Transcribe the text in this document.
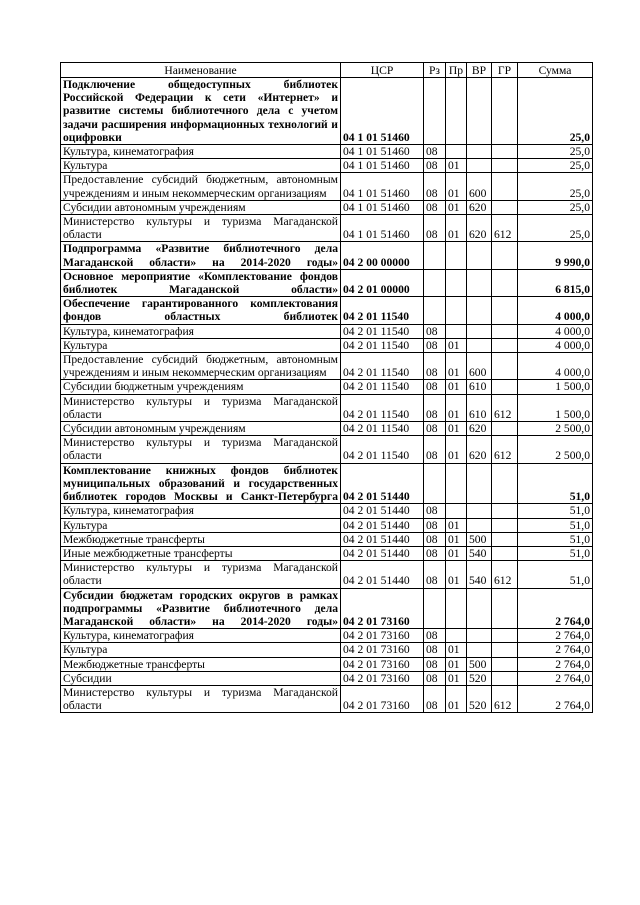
Наименование	ЦСР	Рз	Пр	ВР	ГР	Сумма
Подключение общедоступных библиотек Российской Федерации к сети «Интернет» и развитие системы библиотечного дела с учетом задачи расширения информационных технологий и оцифровки	04 1 01 51460					25,0
Культура, кинематография	04 1 01 51460	08				25,0
Культура	04 1 01 51460	08	01			25,0
Предоставление субсидий бюджетным, автономным учреждениям и иным некоммерческим организациям	04 1 01 51460	08	01	600		25,0
Субсидии автономным учреждениям	04 1 01 51460	08	01	620		25,0
Министерство культуры и туризма Магаданской области	04 1 01 51460	08	01	620	612	25,0
Подпрограмма «Развитие библиотечного дела Магаданской области» на 2014-2020 годы»	04 2 00 00000					9 990,0
Основное мероприятие «Комплектование фондов библиотек Магаданской области»	04 2 01 00000					6 815,0
Обеспечение гарантированного комплектования фондов областных библиотек	04 2 01 11540					4 000,0
Культура, кинематография	04 2 01 11540	08				4 000,0
Культура	04 2 01 11540	08	01			4 000,0
Предоставление субсидий бюджетным, автономным учреждениям и иным некоммерческим организациям	04 2 01 11540	08	01	600		4 000,0
Субсидии бюджетным учреждениям	04 2 01 11540	08	01	610		1 500,0
Министерство культуры и туризма Магаданской области	04 2 01 11540	08	01	610	612	1 500,0
Субсидии автономным учреждениям	04 2 01 11540	08	01	620		2 500,0
Министерство культуры и туризма Магаданской области	04 2 01 11540	08	01	620	612	2 500,0
Комплектование книжных фондов библиотек муниципальных образований и государственных библиотек городов Москвы и Санкт-Петербурга	04 2 01 51440					51,0
Культура, кинематография	04 2 01 51440	08				51,0
Культура	04 2 01 51440	08	01			51,0
Межбюджетные трансферты	04 2 01 51440	08	01	500		51,0
Иные межбюджетные трансферты	04 2 01 51440	08	01	540		51,0
Министерство культуры и туризма Магаданской области	04 2 01 51440	08	01	540	612	51,0
Субсидии бюджетам городских округов в рамках подпрограммы «Развитие библиотечного дела Магаданской области» на 2014-2020 годы»	04 2 01 73160					2 764,0
Культура, кинематография	04 2 01 73160	08				2 764,0
Культура	04 2 01 73160	08	01			2 764,0
Межбюджетные трансферты	04 2 01 73160	08	01	500		2 764,0
Субсидии	04 2 01 73160	08	01	520		2 764,0
Министерство культуры и туризма Магаданской области	04 2 01 73160	08	01	520	612	2 764,0
